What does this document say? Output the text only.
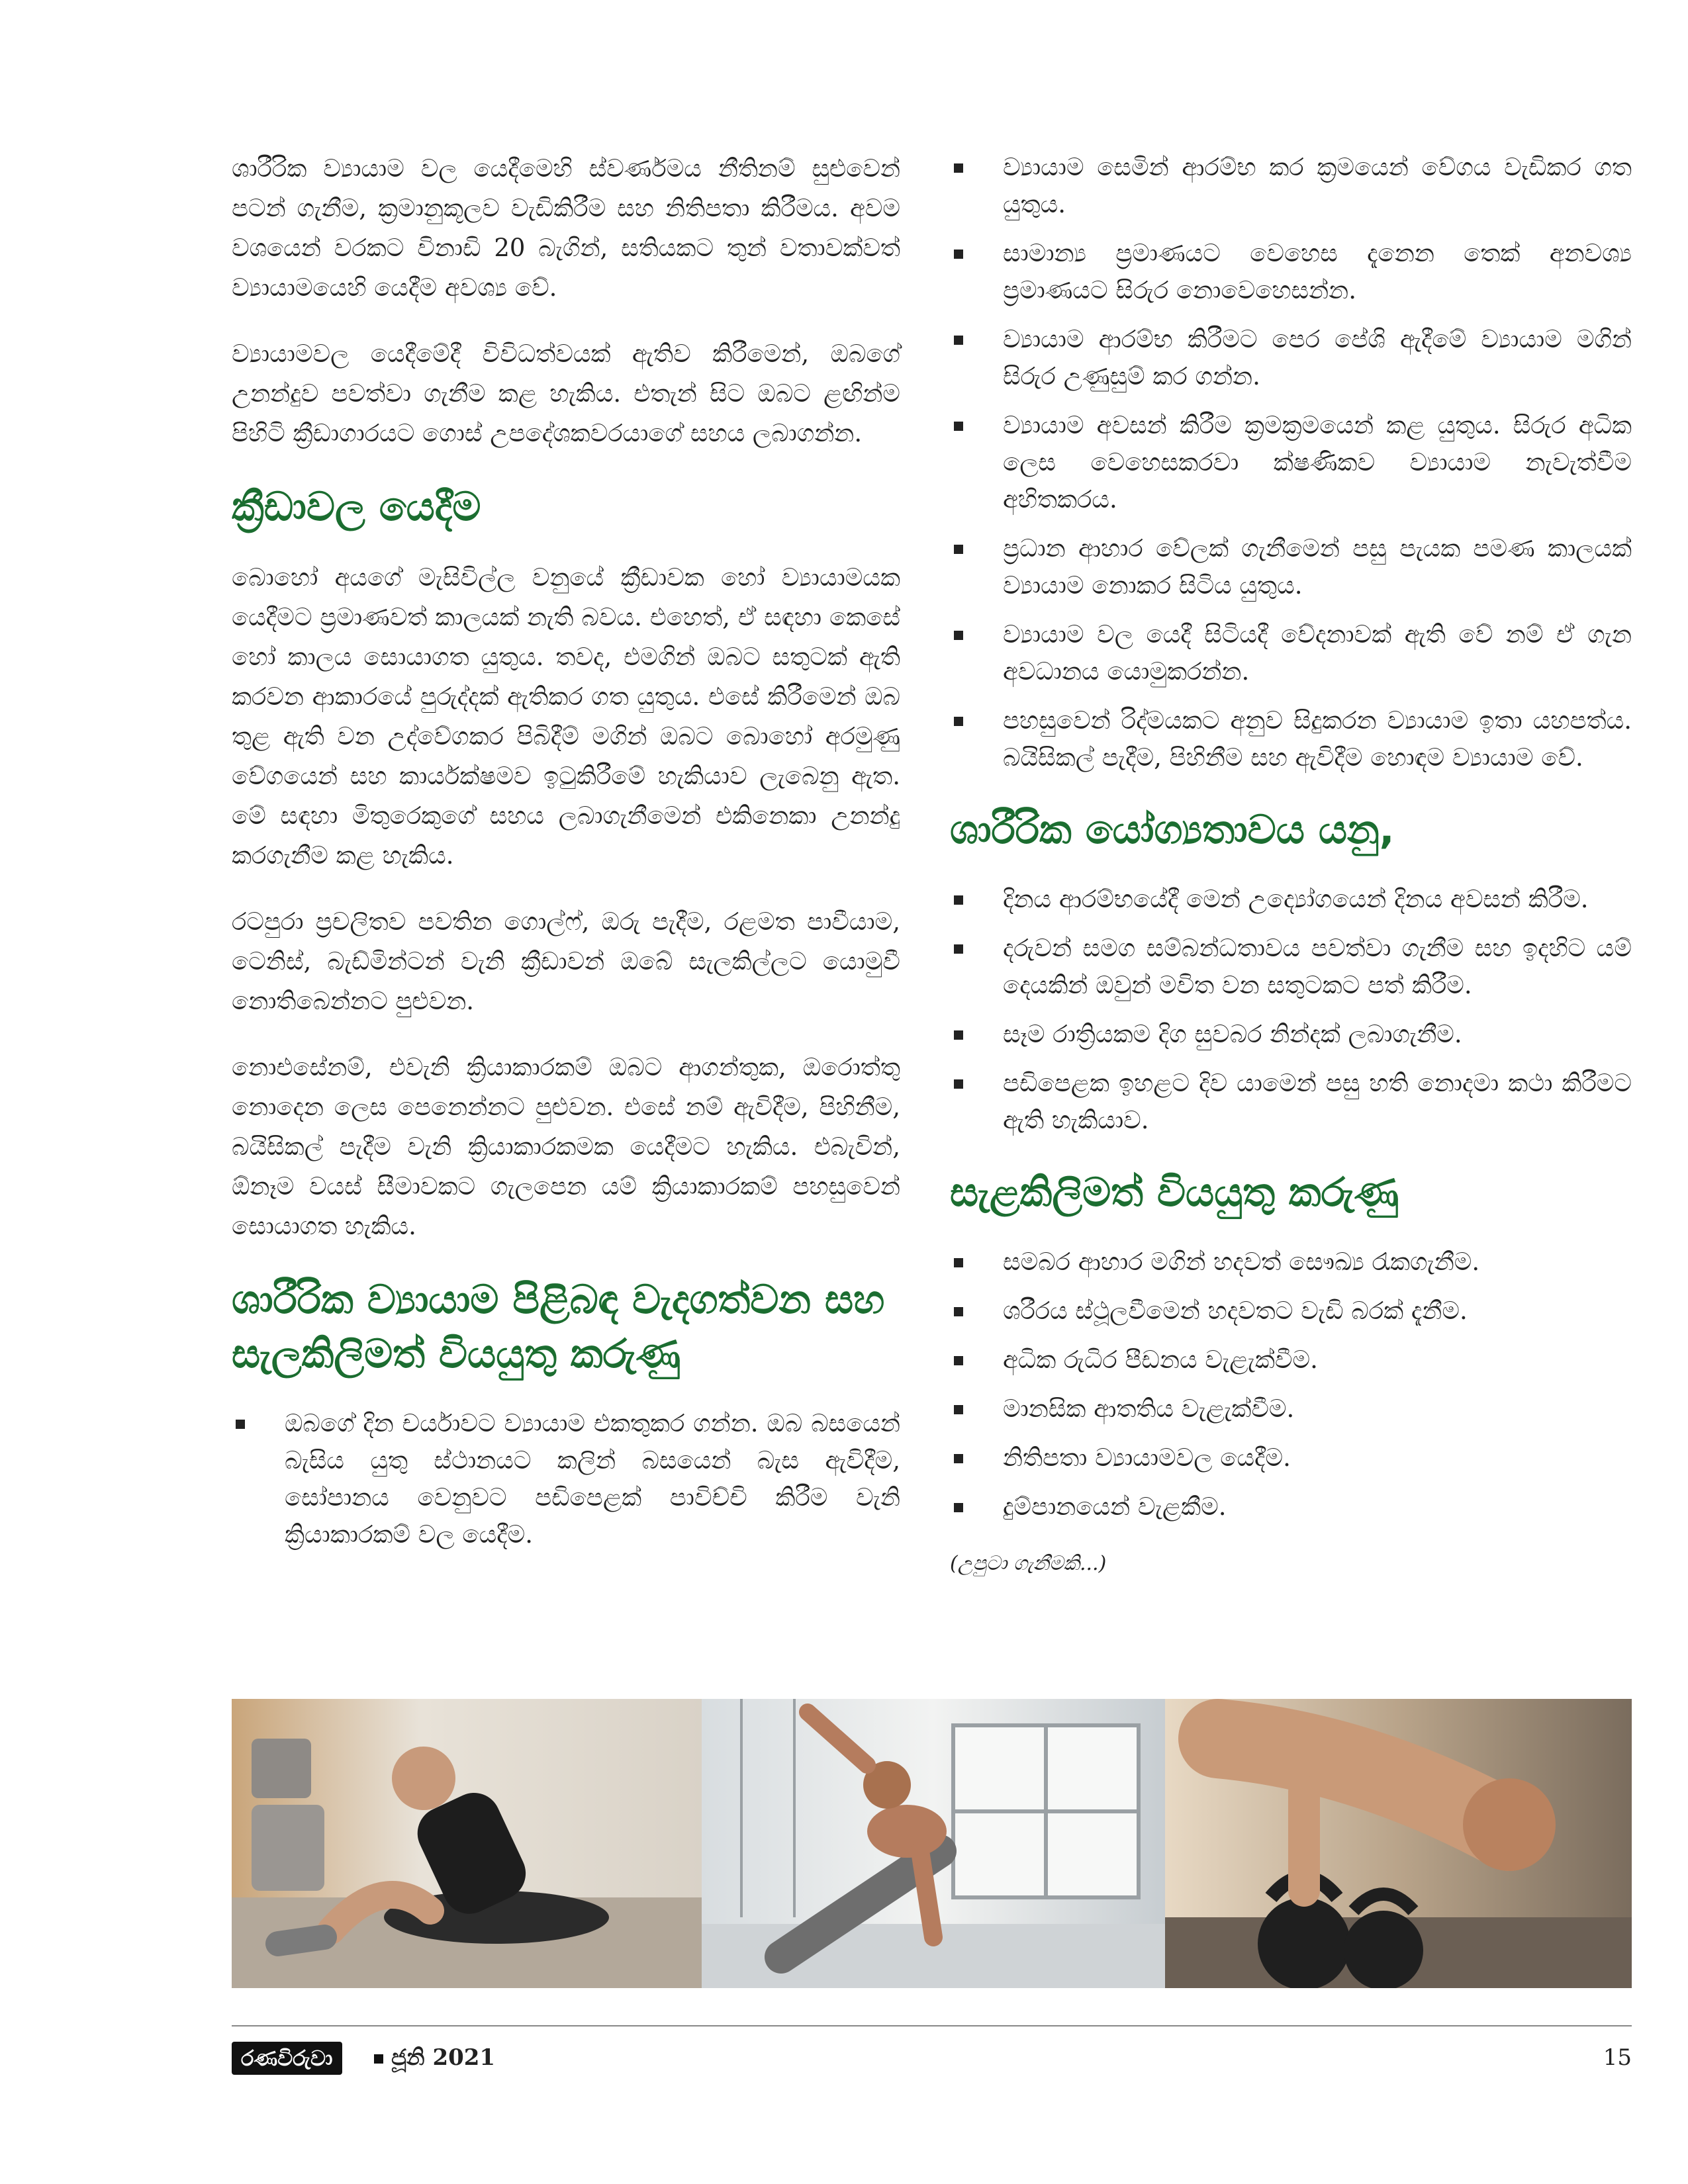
ශාරීරික ව්‍යායාම වල යෙදීමෙහි ස්වර්ණමය නීතිනම් සුළුවෙන් පටන් ගැනීම, ක්‍රමානුකූලව වැඩිකිරීම සහ නිතිපතා කිරීමය. අවම වශයෙන් වරකට විනාඩි 20 බැගින්, සතියකට තුන් වතාවක්වත් ව්‍යායාමයෙහි යෙදීම අවශ්‍ය වේ.

ව්‍යායාමවල යෙදීමේදී විවිධත්වයක් ඇතිව කිරීමෙන්, ඔබගේ උනන්දුව පවත්වා ගැනීම කළ හැකිය. එතැන් සිට ඔබට ළඟින්ම පිහිටි ක්‍රීඩාගාරයට ගොස් උපදේශකවරයාගේ සහය ලබාගන්න.

ක්‍රීඩාවල යෙදීම

බොහෝ අයගේ මැසිවිල්ල වනුයේ ක්‍රීඩාවක හෝ ව්‍යායාමයක යෙදීමට ප්‍රමාණවත් කාලයක් නැති බවය. එහෙත්, ඒ සඳහා කෙසේ හෝ කාලය සොයාගත යුතුය. තවද, එමගින් ඔබට සතුටක් ඇති කරවන ආකාරයේ පුරුද්දක් ඇතිකර ගත යුතුය. එසේ කිරීමෙන් ඔබ තුළ ඇති වන උද්වේගකර පිබිදීම් මගින් ඔබට බොහෝ අරමුණු වේගයෙන් සහ කාර්යක්ෂමව ඉටුකිරීමේ හැකියාව ලැබෙනු ඇත. මේ සඳහා මිතුරෙකුගේ සහය ලබාගැනීමෙන් එකිනෙකා උනන්දු කරගැනීම කළ හැකිය.

රටපුරා ප්‍රචලිතව පවතින ගොල්ෆ්, ඔරු පැදීම, රළමත පාවීයාම, ටෙනිස්, බැඩ්මින්ටන් වැනි ක්‍රීඩාවන් ඔබේ සැලකිල්ලට යොමුවී නොතිබෙන්නට පුළුවන.

නොඑසේනම්, එවැනි ක්‍රියාකාරකම් ඔබට ආගන්තුක, ඔරොත්තු නොදෙන ලෙස පෙනෙන්නට පුළුවන. එසේ නම් ඇවිදීම, පිහිනීම, බයිසිකල් පැදීම වැනි ක්‍රියාකාරකමක යෙදීමට හැකිය. එබැවින්, ඕනෑම වයස් සීමාවකට ගැලපෙන යම් ක්‍රියාකාරකම් පහසුවෙන් සොයාගත හැකිය.

ශාරීරික ව්‍යායාම පිළිබඳ වැදගත්වන සහ සැලකිලිමත් වියයුතු කරුණු
ඔබගේ දින චර්යාවට ව්‍යායාම එකතුකර ගන්න. ඔබ බසයෙන් බැසිය යුතු ස්ථානයට කලින් බසයෙන් බැස ඇවිදීම, සෝපානය වෙනුවට පඩිපෙළක් පාවිච්චි කිරීම වැනි ක්‍රියාකාරකම් වල යෙදීම.
ව්‍යායාම සෙමින් ආරම්භ කර ක්‍රමයෙන් වේගය වැඩිකර ගත යුතුය.
සාමාන්‍ය ප්‍රමාණයට වෙහෙස දැනෙන තෙක් අනවශ්‍ය ප්‍රමාණයට සිරුර නොවෙහෙසන්න.
ව්‍යායාම ආරම්භ කිරීමට පෙර පේශි ඇදීමේ ව්‍යායාම මගින් සිරුර උණුසුම් කර ගන්න.
ව්‍යායාම අවසන් කිරීම ක්‍රමක්‍රමයෙන් කළ යුතුය. සිරුර අධික ලෙස වෙහෙසකරවා ක්ෂණිකව ව්‍යායාම නැවැත්වීම අහිතකරය.
ප්‍රධාන ආහාර වේලක් ගැනීමෙන් පසු පැයක පමණ කාලයක් ව්‍යායාම නොකර සිටිය යුතුය.
ව්‍යායාම වල යෙදී සිටියදී වේදනාවක් ඇති වේ නම් ඒ ගැන අවධානය යොමුකරන්න.
පහසුවෙන් රිද්මයකට අනුව සිදුකරන ව්‍යායාම ඉතා යහපත්ය. බයිසිකල් පැදීම, පිහිනීම සහ ඇවිදීම හොඳම ව්‍යායාම වේ.
ශාරීරික යෝග්‍යතාවය යනු,
දිනය ආරම්භයේදී මෙන් උද්‍යෝගයෙන් දිනය අවසන් කිරීම.
දරුවන් සමග සම්බන්ධතාවය පවත්වා ගැනීම සහ ඉදහිට යම් දෙයකින් ඔවුන් මවිත වන සතුටකට පත් කිරීම.
සෑම රාත්‍රියකම දිග සුවබර නින්දක් ලබාගැනීම.
පඩිපෙළක ඉහළට දිව යාමෙන් පසු හති නොදමා කථා කිරීමට ඇති හැකියාව.
සැළකිලිමත් වියයුතු කරුණු
සමබර ආහාර මගින් හදවත් සෞඛ්‍ය රැකගැනීම.
ශරීරය ස්ථූලවීමෙන් හදවතට වැඩි බරක් දැනීම.
අධික රුධිර පීඩනය වැළැක්වීම.
මානසික ආතතිය වැළැක්වීම.
නිතිපතා ව්‍යායාමවල යෙදීම.
දුම්පානයෙන් වැළකීම.
(උපුටා ගැනීමකි...)
රණවිරුවා	ජූනි 2021	15
